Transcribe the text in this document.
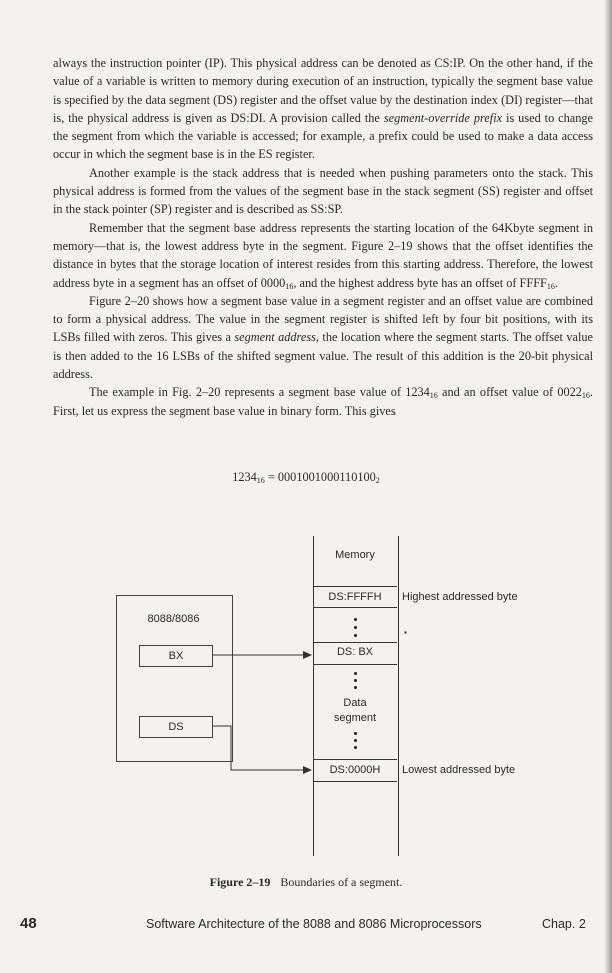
always the instruction pointer (IP). This physical address can be denoted as CS:IP. On the other hand, if the value of a variable is written to memory during execution of an instruction, typically the segment base value is specified by the data segment (DS) register and the offset value by the destination index (DI) register—that is, the physical address is given as DS:DI. A provision called the segment-override prefix is used to change the segment from which the variable is accessed; for example, a prefix could be used to make a data access occur in which the segment base is in the ES register.

Another example is the stack address that is needed when pushing parameters onto the stack. This physical address is formed from the values of the segment base in the stack segment (SS) register and offset in the stack pointer (SP) register and is described as SS:SP.

Remember that the segment base address represents the starting location of the 64Kbyte segment in memory—that is, the lowest address byte in the segment. Figure 2–19 shows that the offset identifies the distance in bytes that the storage location of interest resides from this starting address. Therefore, the lowest address byte in a segment has an offset of $0000_{16}$, and the highest address byte has an offset of $FFFF_{16}$.

Figure 2–20 shows how a segment base value in a segment register and an offset value are combined to form a physical address. The value in the segment register is shifted left by four bit positions, with its LSBs filled with zeros. This gives a segment address, the location where the segment starts. The offset value is then added to the 16 LSBs of the shifted segment value. The result of this addition is the 20-bit physical address.

The example in Fig. 2–20 represents a segment base value of $1234_{16}$ and an offset value of $0022_{16}$. First, let us express the segment base value in binary form. This gives

$1234_{16} = 0001001000110100_2$
Memory
DS:FFFFH
DS: BX
Data
segment
DS:0000H
Highest addressed byte
Lowest addressed byte
▪
8088/8086
BX
DS
Figure 2–19 Boundaries of a segment.
48	Software Architecture of the 8088 and 8086 Microprocessors	Chap. 2
